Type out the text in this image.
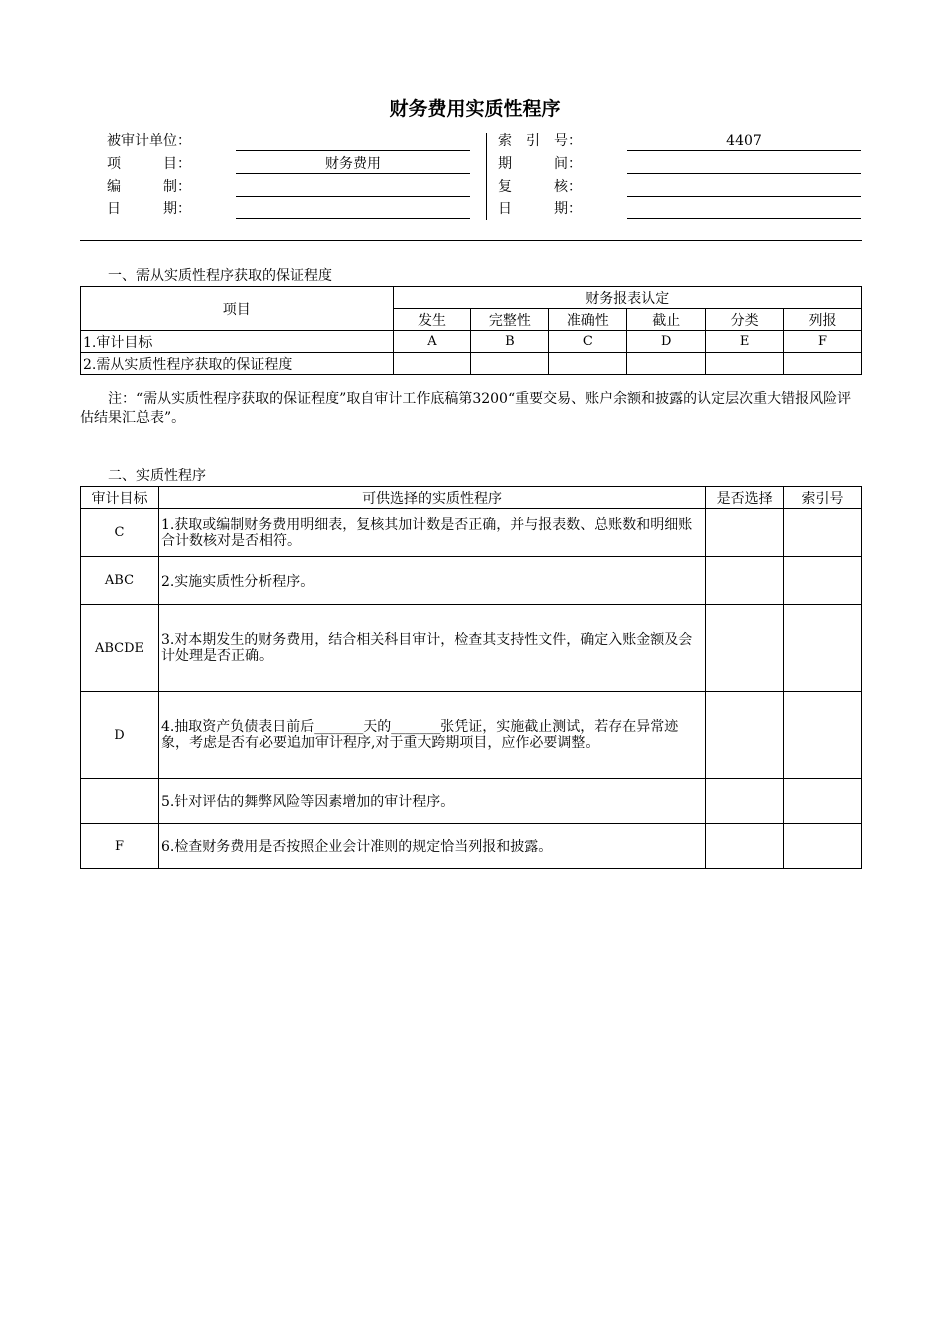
财务费用实质性程序
被审计单位：
项　　　目：	财务费用
编　　　制：
日　　　期：
索　引　号：	4407
期　　　间：
复　　　核：
日　　　期：
一、需从实质性程序获取的保证程度
项目	财务报表认定					
	发生	完整性	准确性	截止	分类	列报
1.审计目标	A	B	C	D	E	F
2.需从实质性程序获取的保证程度						
注：“需从实质性程序获取的保证程度”取自审计工作底稿第3200“重要交易、账户余额和披露的认定层次重大错报风险评估结果汇总表”。
二、实质性程序
审计目标	可供选择的实质性程序	是否选择	索引号
C	1.获取或编制财务费用明细表，复核其加计数是否正确，并与报表数、总账数和明细账合计数核对是否相符。		
ABC	2.实施实质性分析程序。		
ABCDE	3.对本期发生的财务费用，结合相关科目审计，检查其支持性文件，确定入账金额及会计处理是否正确。		
D	4.抽取资产负债表日前后_______天的_______张凭证，实施截止测试，若存在异常迹象，考虑是否有必要追加审计程序,对于重大跨期项目，应作必要调整。		
	5.针对评估的舞弊风险等因素增加的审计程序。		
F	6.检查财务费用是否按照企业会计准则的规定恰当列报和披露。		
